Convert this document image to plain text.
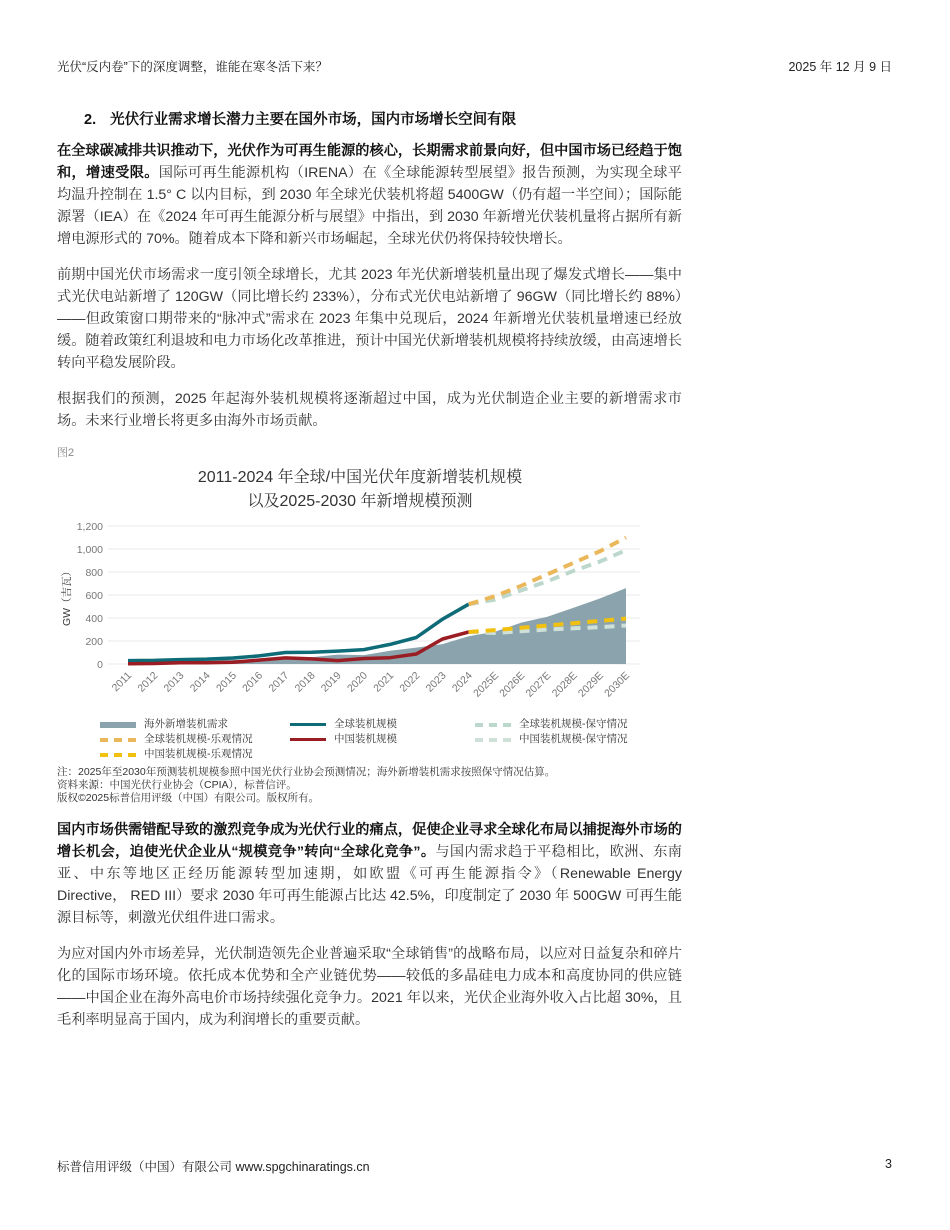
光伏“反内卷”下的深度调整，谁能在寒冬活下来？	2025 年 12 月 9 日
2. 光伏行业需求增长潜力主要在国外市场，国内市场增长空间有限

在全球碳减排共识推动下，光伏作为可再生能源的核心，长期需求前景向好，但中国市场已经趋于饱和，增速受限。国际可再生能源机构（IRENA）在《全球能源转型展望》报告预测，为实现全球平均温升控制在 1.5° C 以内目标，到 2030 年全球光伏装机将超 5400GW（仍有超一半空间）；国际能源署（IEA）在《2024 年可再生能源分析与展望》中指出，到 2030 年新增光伏装机量将占据所有新增电源形式的 70%。随着成本下降和新兴市场崛起，全球光伏仍将保持较快增长。

前期中国光伏市场需求一度引领全球增长，尤其 2023 年光伏新增装机量出现了爆发式增长——集中式光伏电站新增了 120GW（同比增长约 233%），分布式光伏电站新增了 96GW（同比增长约 88%）——但政策窗口期带来的“脉冲式”需求在 2023 年集中兑现后，2024 年新增光伏装机量增速已经放缓。随着政策红利退坡和电力市场化改革推进，预计中国光伏新增装机规模将持续放缓，由高速增长转向平稳发展阶段。

根据我们的预测，2025 年起海外装机规模将逐渐超过中国，成为光伏制造企业主要的新增需求市场。未来行业增长将更多由海外市场贡献。

图2
2011-2024 年全球/中国光伏年度新增装机规模
以及2025-2030 年新增规模预测
0
200
400
600
800
1,000
1,200
GW（吉瓦）
2011 2012 2013 2014 2015 2016 2017 2018 2019 2020 2021 2022 2023 2024
2025E
2026E
2027E
2028E
2029E
2030E
海外新增装机需求	全球装机规模	全球装机规模-保守情况
全球装机规模-乐观情况	中国装机规模	中国装机规模-保守情况
中国装机规模-乐观情况
注：2025年至2030年预测装机规模参照中国光伏行业协会预测情况；海外新增装机需求按照保守情况估算。
资料来源：中国光伏行业协会（CPIA），标普信评。
版权©2025标普信用评级（中国）有限公司。版权所有。

国内市场供需错配导致的激烈竞争成为光伏行业的痛点，促使企业寻求全球化布局以捕捉海外市场的增长机会，迫使光伏企业从“规模竞争”转向“全球化竞争”。与国内需求趋于平稳相比，欧洲、东南亚、中东等地区正经历能源转型加速期，如欧盟《可再生能源指令》（Renewable Energy Directive， RED III）要求 2030 年可再生能源占比达 42.5%，印度制定了 2030 年 500GW 可再生能源目标等，刺激光伏组件进口需求。

为应对国内外市场差异，光伏制造领先企业普遍采取“全球销售”的战略布局，以应对日益复杂和碎片化的国际市场环境。依托成本优势和全产业链优势——较低的多晶硅电力成本和高度协同的供应链——中国企业在海外高电价市场持续强化竞争力。2021 年以来，光伏企业海外收入占比超 30%，且毛利率明显高于国内，成为利润增长的重要贡献。

标普信用评级（中国）有限公司 www.spgchinaratings.cn	3
